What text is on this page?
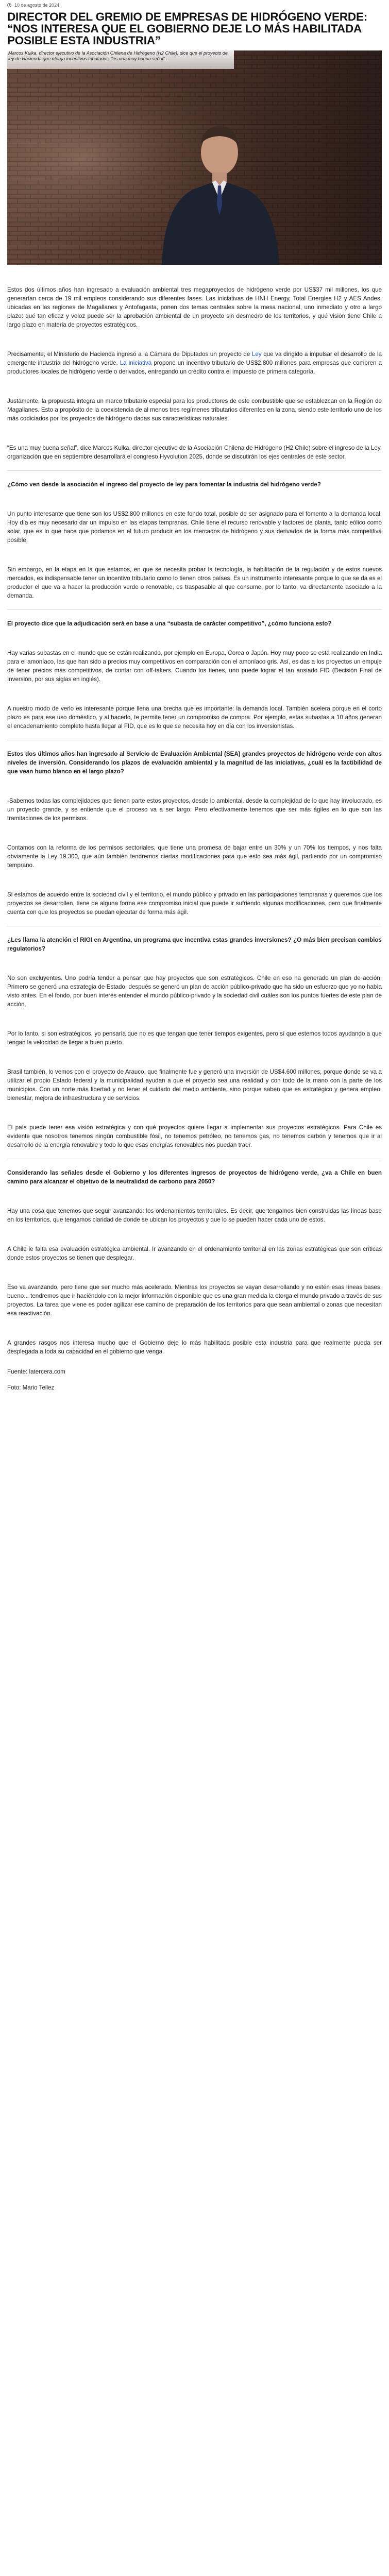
10 de agosto de 2024
DIRECTOR DEL GREMIO DE EMPRESAS DE HIDRÓGENO VERDE: “NOS INTERESA QUE EL GOBIERNO DEJE LO MÁS HABILITADA POSIBLE ESTA INDUSTRIA”
Marcos Kulka, director ejecutivo de la Asociación Chilena de Hidrógeno (H2 Chile), dice que el proyecto de ley de Hacienda que otorga incentivos tributarios, “es una muy buena señal”.

Estos dos últimos años han ingresado a evaluación ambiental tres megaproyectos de hidrógeno verde por US$37 mil millones, los que generarían cerca de 19 mil empleos considerando sus diferentes fases. Las iniciativas de HNH Energy, Total Energies H2 y AES Andes, ubicadas en las regiones de Magallanes y Antofagasta, ponen dos temas centrales sobre la mesa nacional, uno inmediato y otro a largo plazo: qué tan eficaz y veloz puede ser la aprobación ambiental de un proyecto sin desmedro de los territorios, y qué visión tiene Chile a largo plazo en materia de proyectos estratégicos.

Precisamente, el Ministerio de Hacienda ingresó a la Cámara de Diputados un proyecto de Ley que va dirigido a impulsar el desarrollo de la emergente industria del hidrógeno verde. La iniciativa propone un incentivo tributario de US$2.800 millones para empresas que compren a productores locales de hidrógeno verde o derivados, entregando un crédito contra el impuesto de primera categoría.

Justamente, la propuesta integra un marco tributario especial para los productores de este combustible que se establezcan en la Región de Magallanes. Esto a propósito de la coexistencia de al menos tres regímenes tributarios diferentes en la zona, siendo este territorio uno de los más codiciados por los proyectos de hidrógeno dadas sus características naturales.

“Es una muy buena señal”, dice Marcos Kulka, director ejecutivo de la Asociación Chilena de Hidrógeno (H2 Chile) sobre el ingreso de la Ley, organización que en septiembre desarrollará el congreso Hyvolution 2025, donde se discutirán los ejes centrales de este sector.

¿Cómo ven desde la asociación el ingreso del proyecto de ley para fomentar la industria del hidrógeno verde?

Un punto interesante que tiene son los US$2.800 millones en este fondo total, posible de ser asignado para el fomento a la demanda local. Hoy día es muy necesario dar un impulso en las etapas tempranas. Chile tiene el recurso renovable y factores de planta, tanto eólico como solar, que es lo que hace que podamos en el futuro producir en los mercados de hidrógeno y sus derivados de la forma más competitiva posible.

Sin embargo, en la etapa en la que estamos, en que se necesita probar la tecnología, la habilitación de la regulación y de estos nuevos mercados, es indispensable tener un incentivo tributario como lo tienen otros países. Es un instrumento interesante porque lo que se da es el productor el que va a hacer la producción verde o renovable, es traspasable al que consume, por lo tanto, va directamente asociado a la demanda.

El proyecto dice que la adjudicación será en base a una “subasta de carácter competitivo”, ¿cómo funciona esto?

Hay varias subastas en el mundo que se están realizando, por ejemplo en Europa, Corea o Japón. Hoy muy poco se está realizando en India para el amoníaco, las que han sido a precios muy competitivos en comparación con el amoníaco gris. Así, es das a los proyectos un empuje de tener precios más competitivos, de contar con off-takers. Cuando los tienes, uno puede lograr el tan ansiado FID (Decisión Final de Inversión, por sus siglas en inglés).

A nuestro modo de verlo es interesante porque llena una brecha que es importante: la demanda local. También acelera porque en el corto plazo es para ese uso doméstico, y al hacerlo, te permite tener un compromiso de compra. Por ejemplo, estas subastas a 10 años generan el encadenamiento completo hasta llegar al FID, que es lo que se necesita hoy en día con los inversionistas.

Estos dos últimos años han ingresado al Servicio de Evaluación Ambiental (SEA) grandes proyectos de hidrógeno verde con altos niveles de inversión. Considerando los plazos de evaluación ambiental y la magnitud de las iniciativas, ¿cuál es la factibilidad de que vean humo blanco en el largo plazo?

-Sabemos todas las complejidades que tienen parte estos proyectos, desde lo ambiental, desde la complejidad de lo que hay involucrado, es un proyecto grande, y se entiende que el proceso va a ser largo. Pero efectivamente tenemos que ser más ágiles en lo que son las tramitaciones de los permisos.

Contamos con la reforma de los permisos sectoriales, que tiene una promesa de bajar entre un 30% y un 70% los tiempos, y nos falta obviamente la Ley 19.300, que aún también tendremos ciertas modificaciones para que esto sea más ágil, partiendo por un compromiso temprano.

Si estamos de acuerdo entre la sociedad civil y el territorio, el mundo público y privado en las participaciones tempranas y queremos que los proyectos se desarrollen, tiene de alguna forma ese compromiso inicial que puede ir sufriendo algunas modificaciones, pero que finalmente cuenta con que los proyectos se puedan ejecutar de forma más ágil.

¿Les llama la atención el RIGI en Argentina, un programa que incentiva estas grandes inversiones? ¿O más bien precisan cambios regulatorios?

No son excluyentes. Uno podría tender a pensar que hay proyectos que son estratégicos. Chile en eso ha generado un plan de acción. Primero se generó una estrategia de Estado, después se generó un plan de acción público-privado que ha sido un esfuerzo que yo no había visto antes. En el fondo, por buen interés entender el mundo público-privado y la sociedad civil cuáles son los puntos fuertes de este plan de acción.

Por lo tanto, si son estratégicos, yo pensaría que no es que tengan que tener tiempos exigentes, pero sí que estemos todos ayudando a que tengan la velocidad de llegar a buen puerto.

Brasil también, lo vemos con el proyecto de Arauco, que finalmente fue y generó una inversión de US$4.600 millones, porque donde se va a utilizar el propio Estado federal y la municipalidad ayudan a que el proyecto sea una realidad y con todo de la mano con la parte de los municipios. Con un norte más libertad y no tener el cuidado del medio ambiente, sino porque saben que es estratégico y genera empleo, bienestar, mejora de infraestructura y de servicios.

El país puede tener esa visión estratégica y con qué proyectos quiere llegar a implementar sus proyectos estratégicos. Para Chile es evidente que nosotros tenemos ningún combustible fósil, no tenemos petróleo, no tenemos gas, no tenemos carbón y tenemos que ir al desarrollo de la energía renovable y todo lo que esas energías renovables nos puedan traer.

Considerando las señales desde el Gobierno y los diferentes ingresos de proyectos de hidrógeno verde, ¿va a Chile en buen camino para alcanzar el objetivo de la neutralidad de carbono para 2050?

Hay una cosa que tenemos que seguir avanzando: los ordenamientos territoriales. Es decir, que tengamos bien construidas las líneas base en los territorios, que tengamos claridad de donde se ubican los proyectos y que lo se pueden hacer cada uno de estos.

A Chile le falta esa evaluación estratégica ambiental. Ir avanzando en el ordenamiento territorial en las zonas estratégicas que son críticas donde estos proyectos se tienen que desplegar.

Eso va avanzando, pero tiene que ser mucho más acelerado. Mientras los proyectos se vayan desarrollando y no estén esas líneas bases, bueno... tendremos que ir haciéndolo con la mejor información disponible que es una gran medida la otorga el mundo privado a través de sus proyectos. La tarea que viene es poder agilizar ese camino de preparación de los territorios para que sean ambiental o zonas que necesitan esa reactivación.

A grandes rasgos nos interesa mucho que el Gobierno deje lo más habilitada posible esta industria para que realmente pueda ser desplegada a toda su capacidad en el gobierno que venga.

Fuente: latercera.com
Foto: Mario Tellez
